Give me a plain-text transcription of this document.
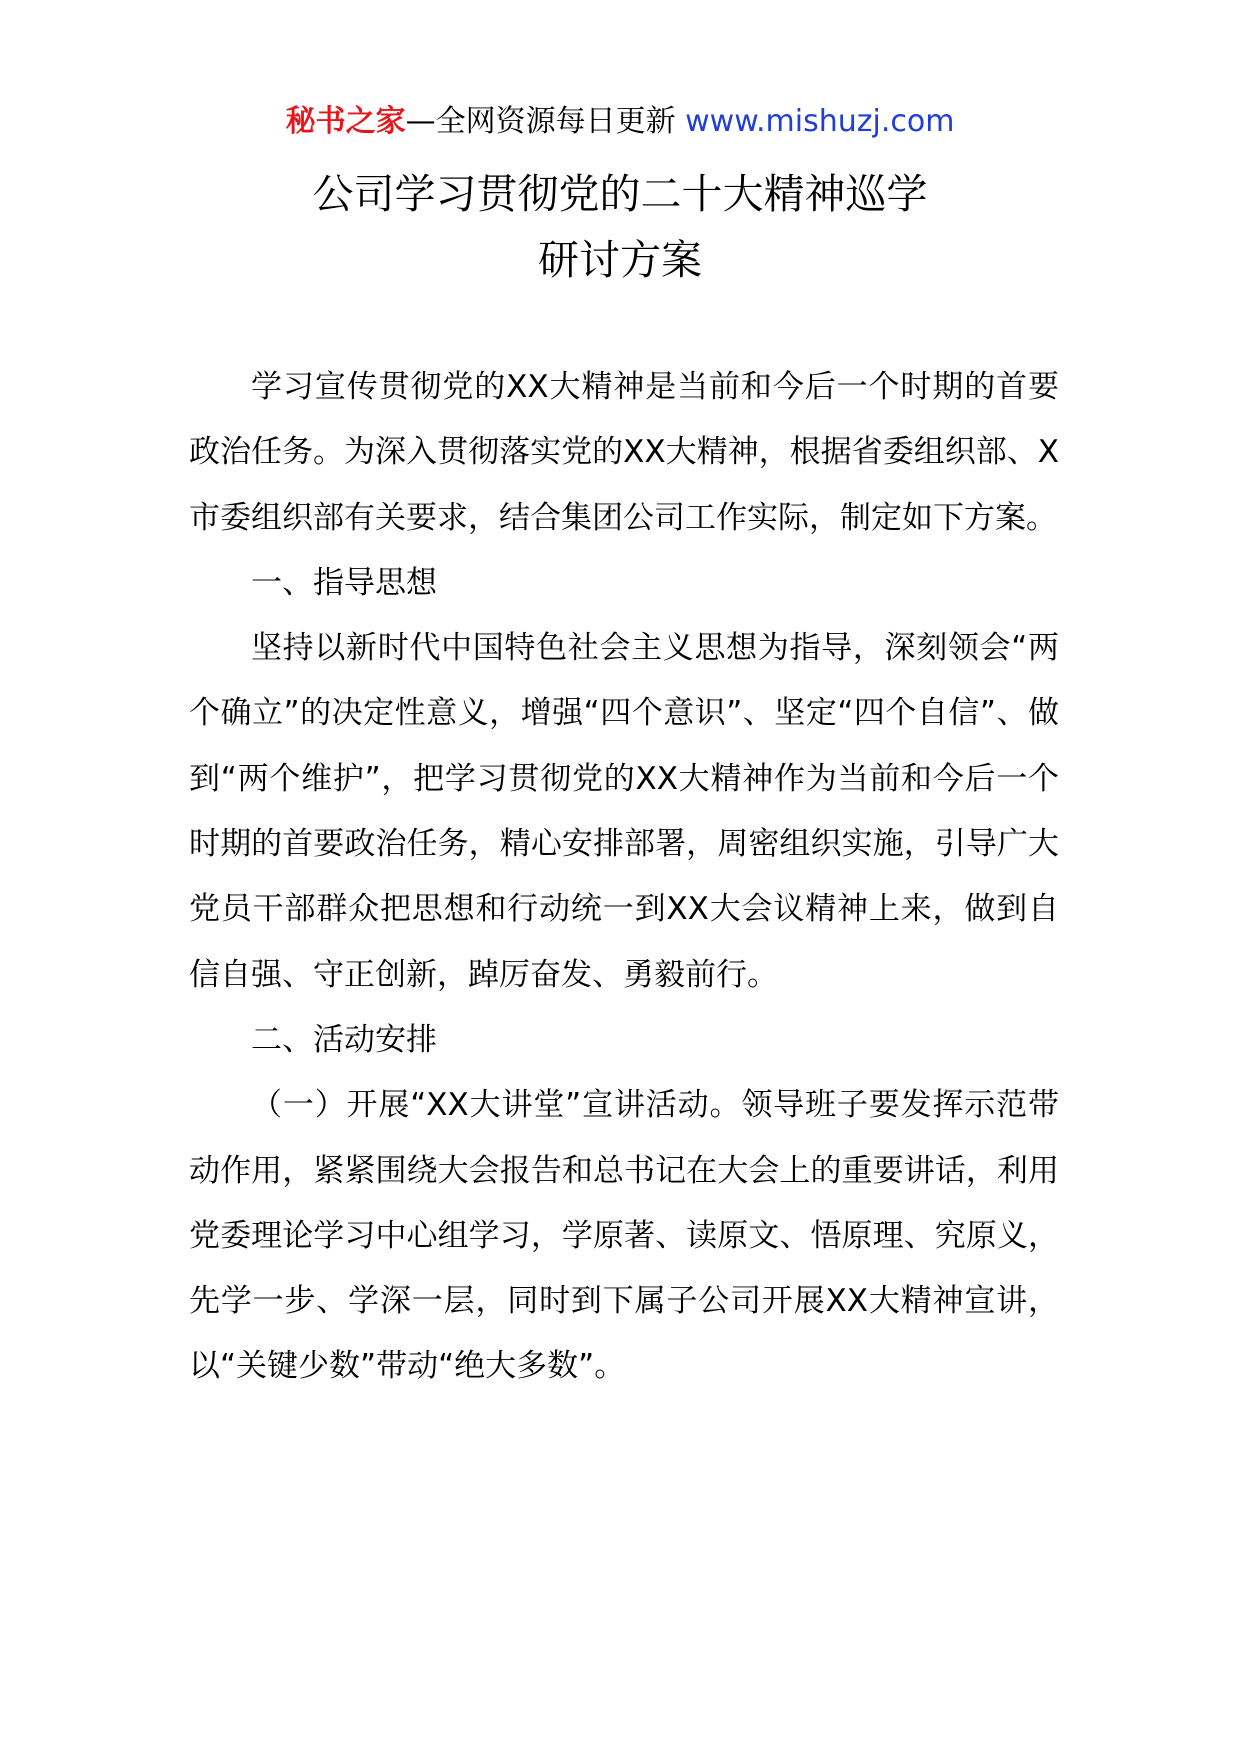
秘书之家—全网资源每日更新 www.mishuzj.com
公司学习贯彻党的二十大精神巡学
研讨方案

学习宣传贯彻党的XX大精神是当前和今后一个时期的首要政治任务。为深入贯彻落实党的XX大精神，根据省委组织部、X市委组织部有关要求，结合集团公司工作实际，制定如下方案。

一、指导思想

坚持以新时代中国特色社会主义思想为指导，深刻领会“两个确立”的决定性意义，增强“四个意识”、坚定“四个自信”、做到“两个维护”，把学习贯彻党的XX大精神作为当前和今后一个时期的首要政治任务，精心安排部署，周密组织实施，引导广大党员干部群众把思想和行动统一到XX大会议精神上来，做到自信自强、守正创新，踔厉奋发、勇毅前行。

二、活动安排

（一）开展“XX大讲堂”宣讲活动。领导班子要发挥示范带动作用，紧紧围绕大会报告和总书记在大会上的重要讲话，利用党委理论学习中心组学习，学原著、读原文、悟原理、究原义，先学一步、学深一层，同时到下属子公司开展XX大精神宣讲，以“关键少数”带动“绝大多数”。
